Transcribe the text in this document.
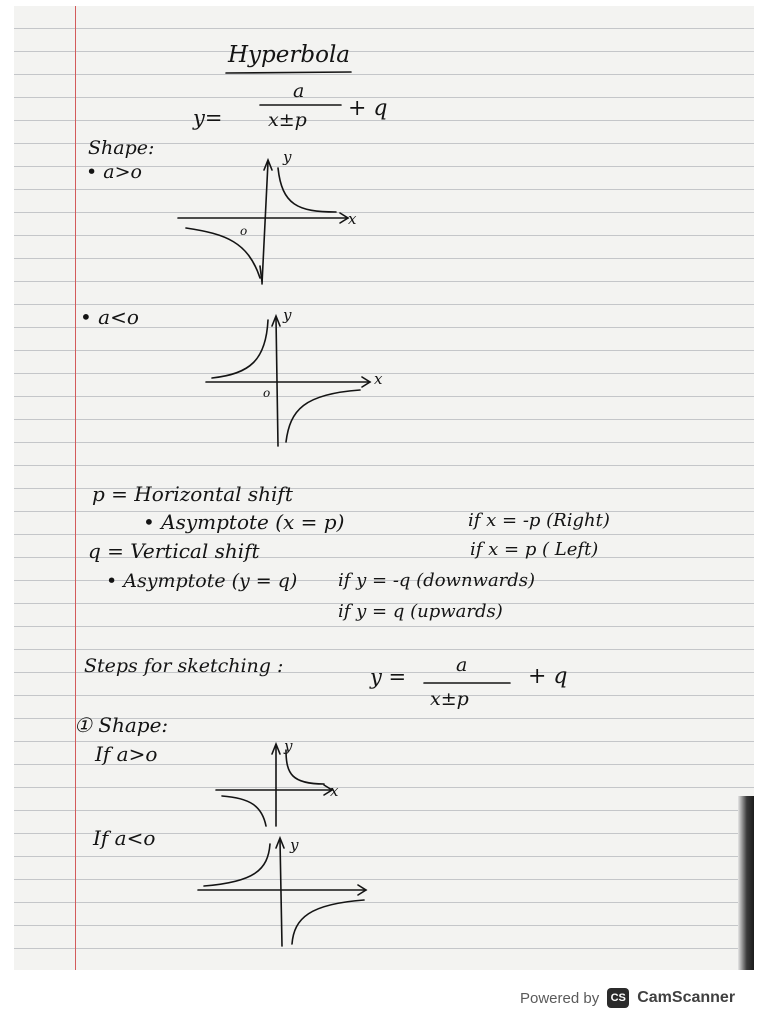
Hyperbola
y=
a
x±p + q
Shape:
• a>o
y
x
o
• a<o	y
x
o
p = Horizontal shift
• Asymptote (x = p)	if x = -p (Right)
q = Vertical shift	if x = p ( Left)
• Asymptote (y = q) if y = -q (downwards)
if y = q (upwards)
Steps for sketching :	y =	a
x±p
+ q
① Shape:
If a>o	y
x
If a<o	y
Powered by	CS CamScanner
